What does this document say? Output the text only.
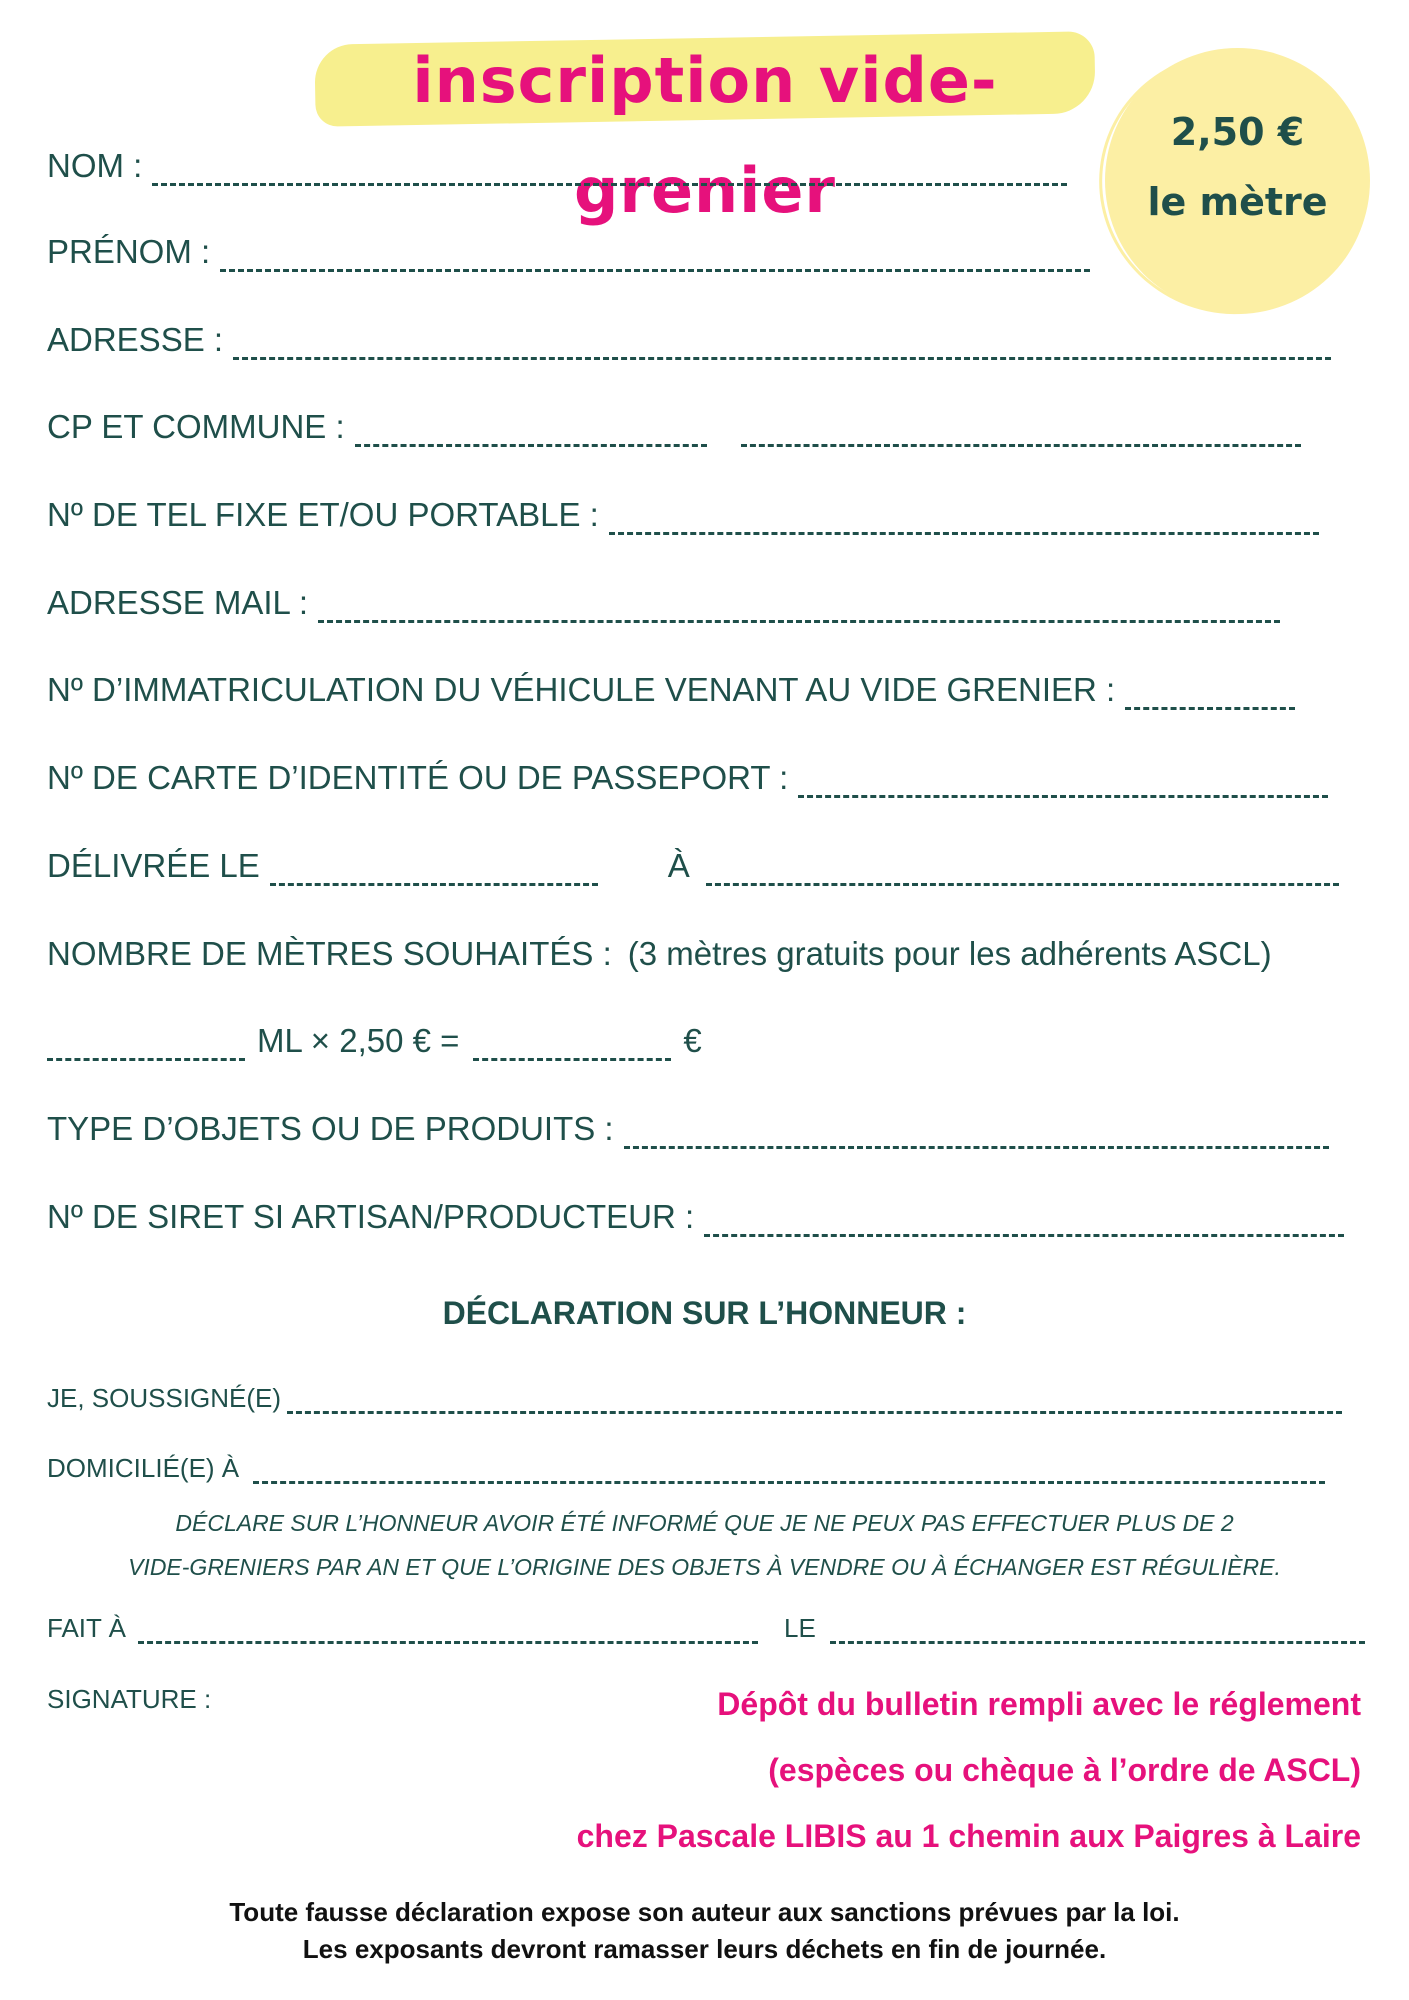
inscription vide-grenier
2,50 €
le mètre
NOM :
PRÉNOM :
ADRESSE :
CP ET COMMUNE :
Nº DE TEL FIXE ET/OU PORTABLE :
ADRESSE MAIL :
Nº D’IMMATRICULATION DU VÉHICULE VENANT AU VIDE GRENIER :
Nº DE CARTE D’IDENTITÉ OU DE PASSEPORT :
DÉLIVRÉE LE	À
NOMBRE DE MÈTRES SOUHAITÉS : (3 mètres gratuits pour les adhérents ASCL)
ML × 2,50 € =	€
TYPE D’OBJETS OU DE PRODUITS :
Nº DE SIRET SI ARTISAN/PRODUCTEUR :
DÉCLARATION SUR L’HONNEUR :
JE, SOUSSIGNÉ(E)
DOMICILIÉ(E) À
DÉCLARE SUR L’HONNEUR AVOIR ÉTÉ INFORMÉ QUE JE NE PEUX PAS EFFECTUER PLUS DE 2
VIDE-GRENIERS PAR AN ET QUE L’ORIGINE DES OBJETS À VENDRE OU À ÉCHANGER EST RÉGULIÈRE.
FAIT À	LE
SIGNATURE :	Dépôt du bulletin rempli avec le réglement
(espèces ou chèque à l’ordre de ASCL)
chez Pascale LIBIS au 1 chemin aux Paigres à Laire
Toute fausse déclaration expose son auteur aux sanctions prévues par la loi.
Les exposants devront ramasser leurs déchets en fin de journée.
